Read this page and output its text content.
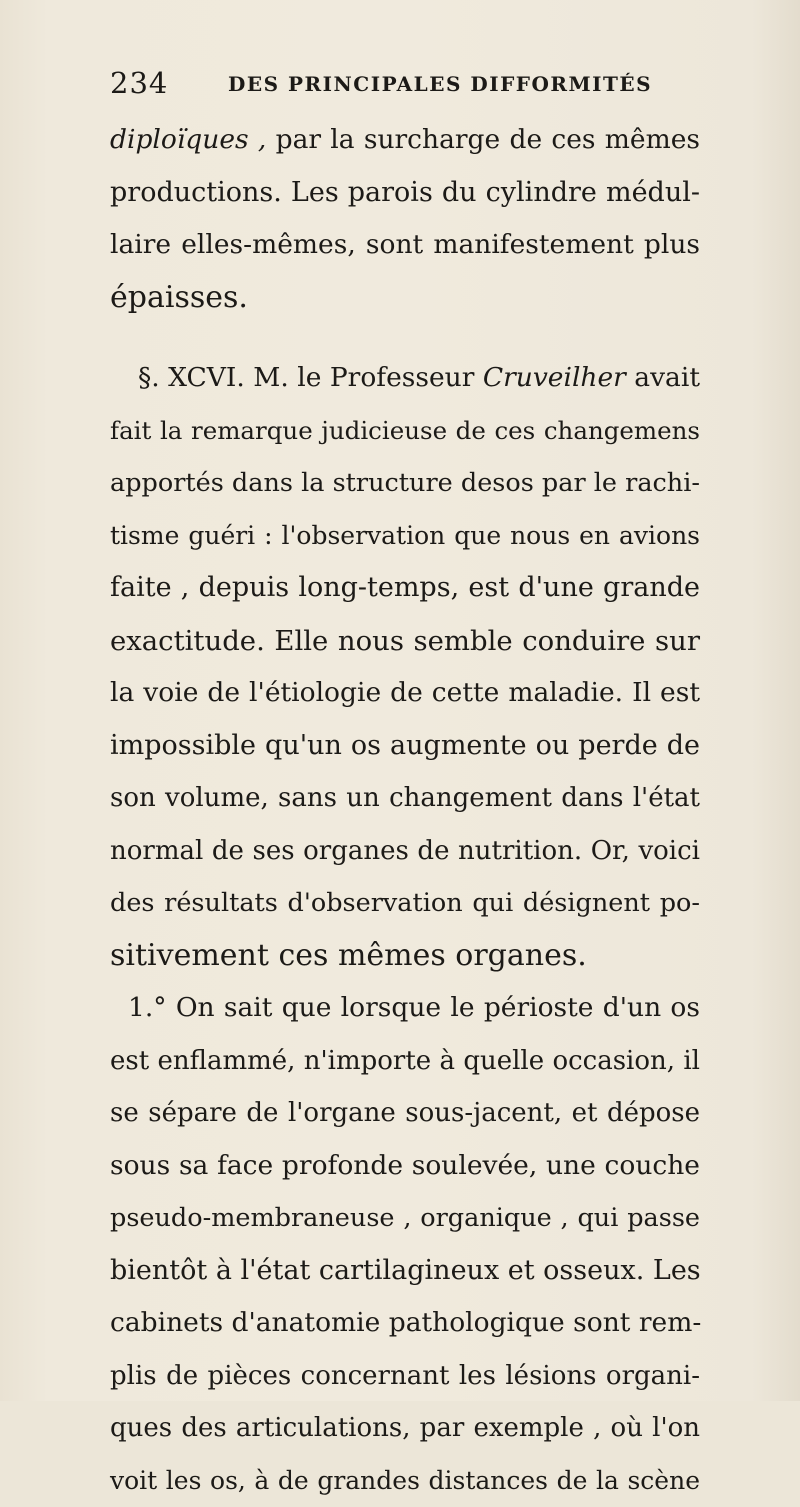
234	DES PRINCIPALES DIFFORMITÉS
diploïques , par la surcharge de ces mêmes
productions. Les parois du cylindre médul-
laire elles-mêmes, sont manifestement plus
épaisses.
§. XCVI. M. le Professeur Cruveilher avait
fait la remarque judicieuse de ces changemens
apportés dans la structure desos par le rachi-
tisme guéri : l'observation que nous en avions
faite , depuis long-temps, est d'une grande
exactitude. Elle nous semble conduire sur
la voie de l'étiologie de cette maladie. Il est
impossible qu'un os augmente ou perde de
son volume, sans un changement dans l'état
normal de ses organes de nutrition. Or, voici
des résultats d'observation qui désignent po-
sitivement ces mêmes organes.
1.° On sait que lorsque le périoste d'un os
est enflammé, n'importe à quelle occasion, il
se sépare de l'organe sous-jacent, et dépose
sous sa face profonde soulevée, une couche
pseudo-membraneuse , organique , qui passe
bientôt à l'état cartilagineux et osseux. Les
cabinets d'anatomie pathologique sont rem-
plis de pièces concernant les lésions organi-
ques des articulations, par exemple , où l'on
voit les os, à de grandes distances de la scène
